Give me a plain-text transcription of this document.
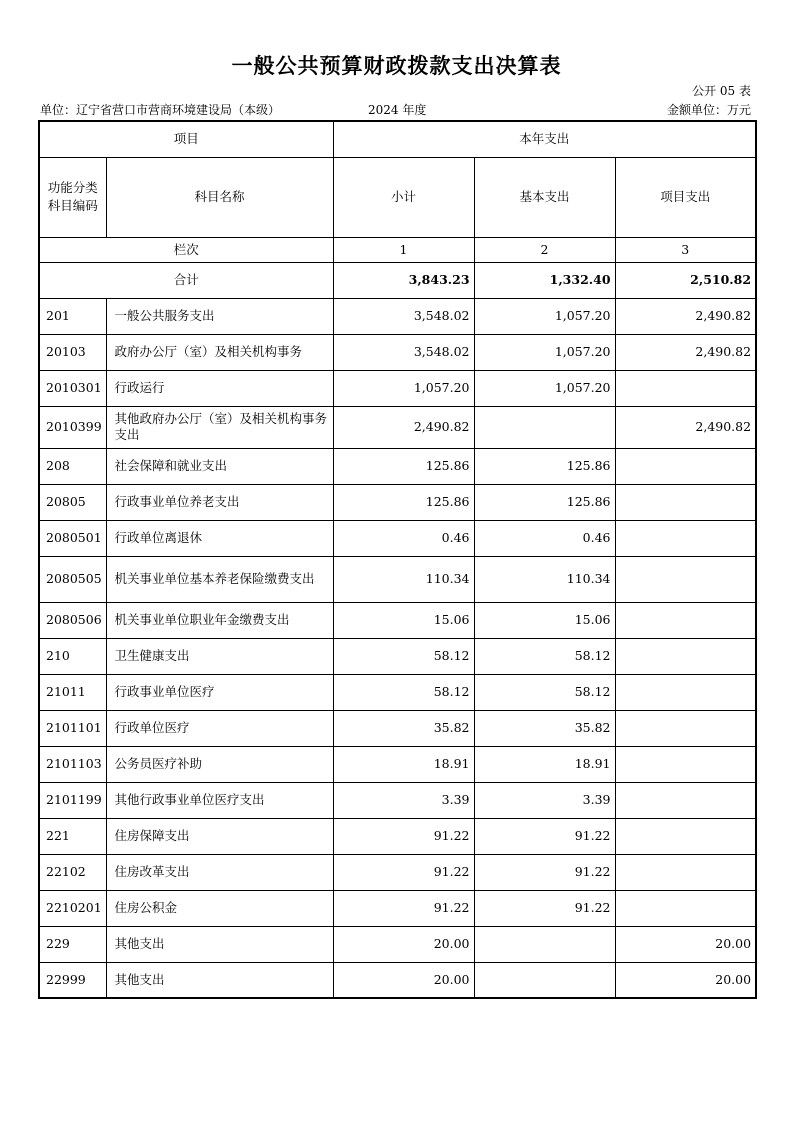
一般公共预算财政拨款支出决算表
公开 05 表
单位：辽宁省营口市营商环境建设局（本级）	2024 年度	金额单位：万元
项目		本年支出		
功能分类科目编码	科目名称	小计	基本支出	项目支出
栏次		1	2	3
合计		3,843.23	1,332.40	2,510.82
201	一般公共服务支出	3,548.02	1,057.20	2,490.82
20103	政府办公厅（室）及相关机构事务	3,548.02	1,057.20	2,490.82
2010301	行政运行	1,057.20	1,057.20	
2010399	其他政府办公厅（室）及相关机构事务支出	2,490.82		2,490.82
208	社会保障和就业支出	125.86	125.86	
20805	行政事业单位养老支出	125.86	125.86	
2080501	行政单位离退休	0.46	0.46	
2080505	机关事业单位基本养老保险缴费支出	110.34	110.34	
2080506	机关事业单位职业年金缴费支出	15.06	15.06	
210	卫生健康支出	58.12	58.12	
21011	行政事业单位医疗	58.12	58.12	
2101101	行政单位医疗	35.82	35.82	
2101103	公务员医疗补助	18.91	18.91	
2101199	其他行政事业单位医疗支出	3.39	3.39	
221	住房保障支出	91.22	91.22	
22102	住房改革支出	91.22	91.22	
2210201	住房公积金	91.22	91.22	
229	其他支出	20.00		20.00
22999	其他支出	20.00		20.00
